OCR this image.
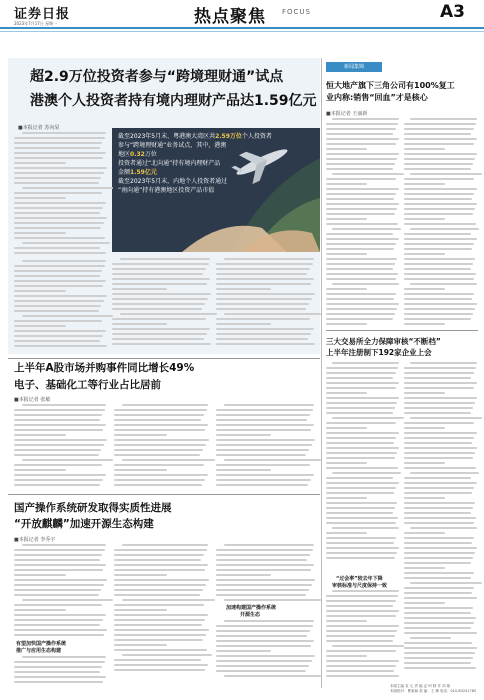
证券日报
2023年7月17日 星期一	热点聚焦 FOCUS	A3
超2.9万位投资者参与“跨境理财通”试点
港澳个人投资者持有境内理财产品达1.59亿元
■本报记者 苏向杲
截至2023年5月末，粤港澳大湾区共2.59万位个人投资者
参与“跨境理财通”业务试点，其中，港澳
地区0.32万位
投资者通过“北向通”持有境内理财产品
金额1.59亿元
截至2023年5月末，内地个人投资者通过
“南向通”持有港澳地区投资产品市值
新闻集锦
恒大地产旗下三角公司有100%复工
业内称:销售“回血”才是核心
■本报记者 王丽新
三大交易所全力保障审核“不断档”
上半年注册制下192家企业上会
“过会率”较去年下降
审核标准与尺度保持一致
上半年A股市场并购事件同比增长49%
电子、基础化工等行业占比居前
■本报记者 张敏
国产操作系统研发取得实质性进展
“开放麒麟”加速开源生态构建
■本报记者 李乔宇
有望加快国产操作系统
推广与应用生态构建
加速构建国产操作系统
开源生态
本版主编 袁 元 责 编 孟 珂 制 作 刘 雄
本版校对：曹原赫 美 编：王 琳 电话：010-83251785
